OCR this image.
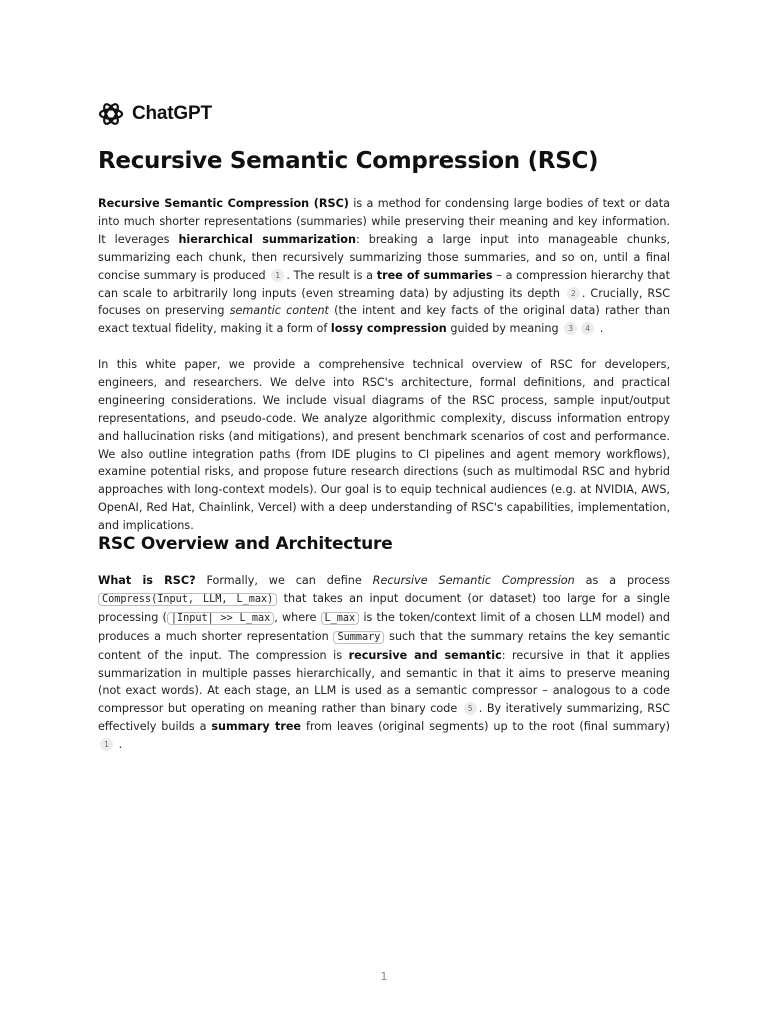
ChatGPT
Recursive Semantic Compression (RSC)

Recursive Semantic Compression (RSC) is a method for condensing large bodies of text or data into much shorter representations (summaries) while preserving their meaning and key information. It leverages hierarchical summarization: breaking a large input into manageable chunks, summarizing each chunk, then recursively summarizing those summaries, and so on, until a final concise summary is produced 1 . The result is a tree of summaries – a compression hierarchy that can scale to arbitrarily long inputs (even streaming data) by adjusting its depth 2 . Crucially, RSC focuses on preserving semantic content (the intent and key facts of the original data) rather than exact textual fidelity, making it a form of lossy compression guided by meaning 3 4 .

In this white paper, we provide a comprehensive technical overview of RSC for developers, engineers, and researchers. We delve into RSC's architecture, formal definitions, and practical engineering considerations. We include visual diagrams of the RSC process, sample input/output representations, and pseudo-code. We analyze algorithmic complexity, discuss information entropy and hallucination risks (and mitigations), and present benchmark scenarios of cost and performance. We also outline integration paths (from IDE plugins to CI pipelines and agent memory workflows), examine potential risks, and propose future research directions (such as multimodal RSC and hybrid approaches with long-context models). Our goal is to equip technical audiences (e.g. at NVIDIA, AWS, OpenAI, Red Hat, Chainlink, Vercel) with a deep understanding of RSC's capabilities, implementation, and implications.

RSC Overview and Architecture

What is RSC? Formally, we can define Recursive Semantic Compression as a process Compress(Input, LLM, L_max) that takes an input document (or dataset) too large for a single processing ( |Input| >> L_max , where L_max is the token/context limit of a chosen LLM model) and produces a much shorter representation Summary such that the summary retains the key semantic content of the input. The compression is recursive and semantic: recursive in that it applies summarization in multiple passes hierarchically, and semantic in that it aims to preserve meaning (not exact words). At each stage, an LLM is used as a semantic compressor – analogous to a code compressor but operating on meaning rather than binary code 5 . By iteratively summarizing, RSC effectively builds a summary tree from leaves (original segments) up to the root (final summary) 1 .

1
